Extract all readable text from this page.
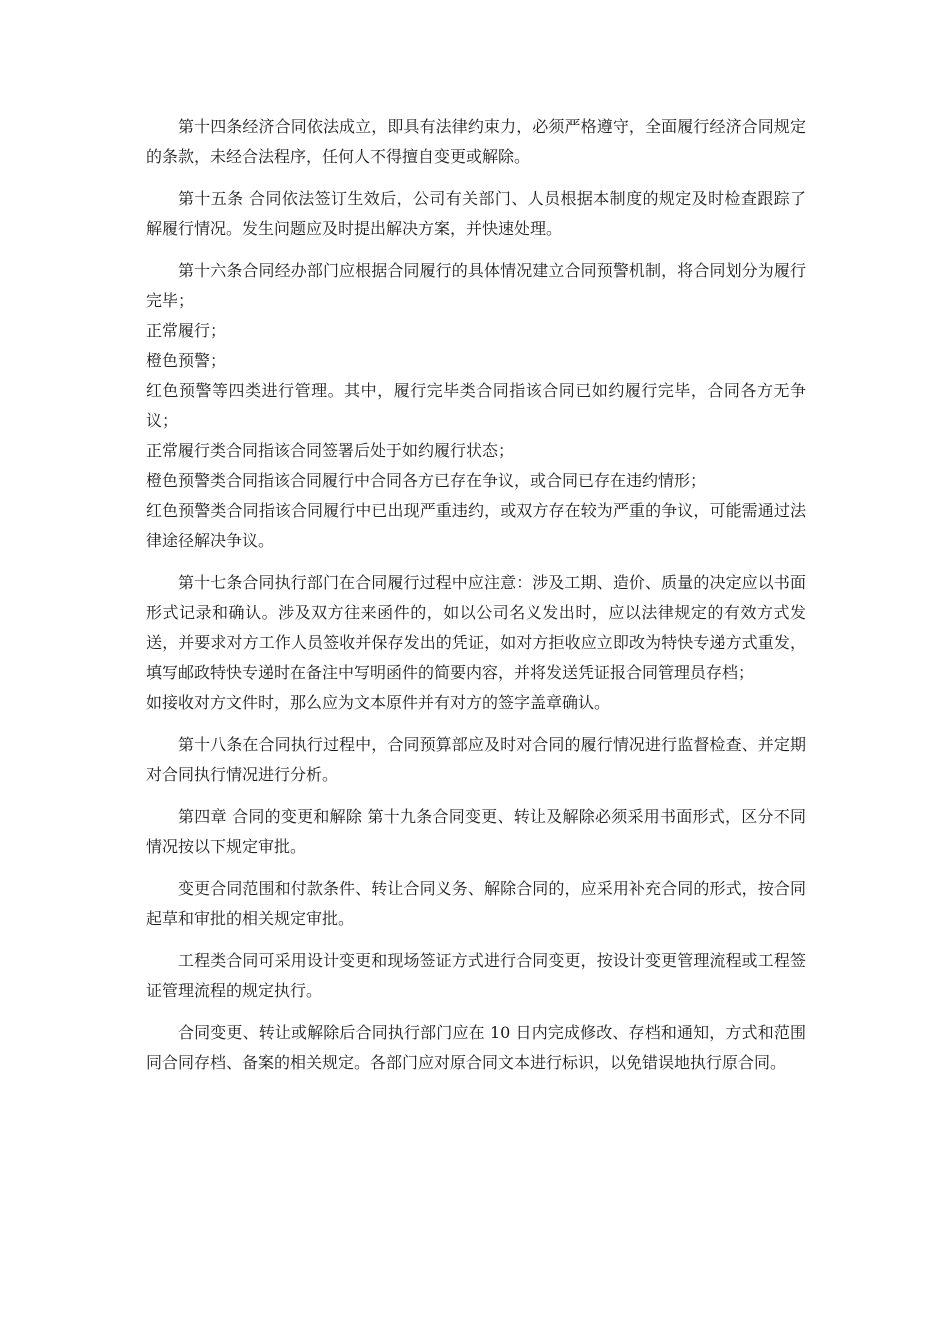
第十四条经济合同依法成立，即具有法律约束力，必须严格遵守，全面履行经济合同规定的条款，未经合法程序，任何人不得擅自变更或解除。

第十五条 合同依法签订生效后，公司有关部门、人员根据本制度的规定及时检查跟踪了解履行情况。发生问题应及时提出解决方案，并快速处理。

第十六条合同经办部门应根据合同履行的具体情况建立合同预警机制，将合同划分为履行完毕；

正常履行；

橙色预警；

红色预警等四类进行管理。其中，履行完毕类合同指该合同已如约履行完毕，合同各方无争议；

正常履行类合同指该合同签署后处于如约履行状态；

橙色预警类合同指该合同履行中合同各方已存在争议，或合同已存在违约情形；

红色预警类合同指该合同履行中已出现严重违约，或双方存在较为严重的争议，可能需通过法律途径解决争议。

第十七条合同执行部门在合同履行过程中应注意：涉及工期、造价、质量的决定应以书面形式记录和确认。涉及双方往来函件的，如以公司名义发出时，应以法律规定的有效方式发送，并要求对方工作人员签收并保存发出的凭证，如对方拒收应立即改为特快专递方式重发，填写邮政特快专递时在备注中写明函件的简要内容，并将发送凭证报合同管理员存档；

如接收对方文件时，那么应为文本原件并有对方的签字盖章确认。

第十八条在合同执行过程中，合同预算部应及时对合同的履行情况进行监督检查、并定期对合同执行情况进行分析。

第四章 合同的变更和解除 第十九条合同变更、转让及解除必须采用书面形式，区分不同情况按以下规定审批。

变更合同范围和付款条件、转让合同义务、解除合同的，应采用补充合同的形式，按合同起草和审批的相关规定审批。

工程类合同可采用设计变更和现场签证方式进行合同变更，按设计变更管理流程或工程签证管理流程的规定执行。

合同变更、转让或解除后合同执行部门应在 10 日内完成修改、存档和通知，方式和范围同合同存档、备案的相关规定。各部门应对原合同文本进行标识，以免错误地执行原合同。
